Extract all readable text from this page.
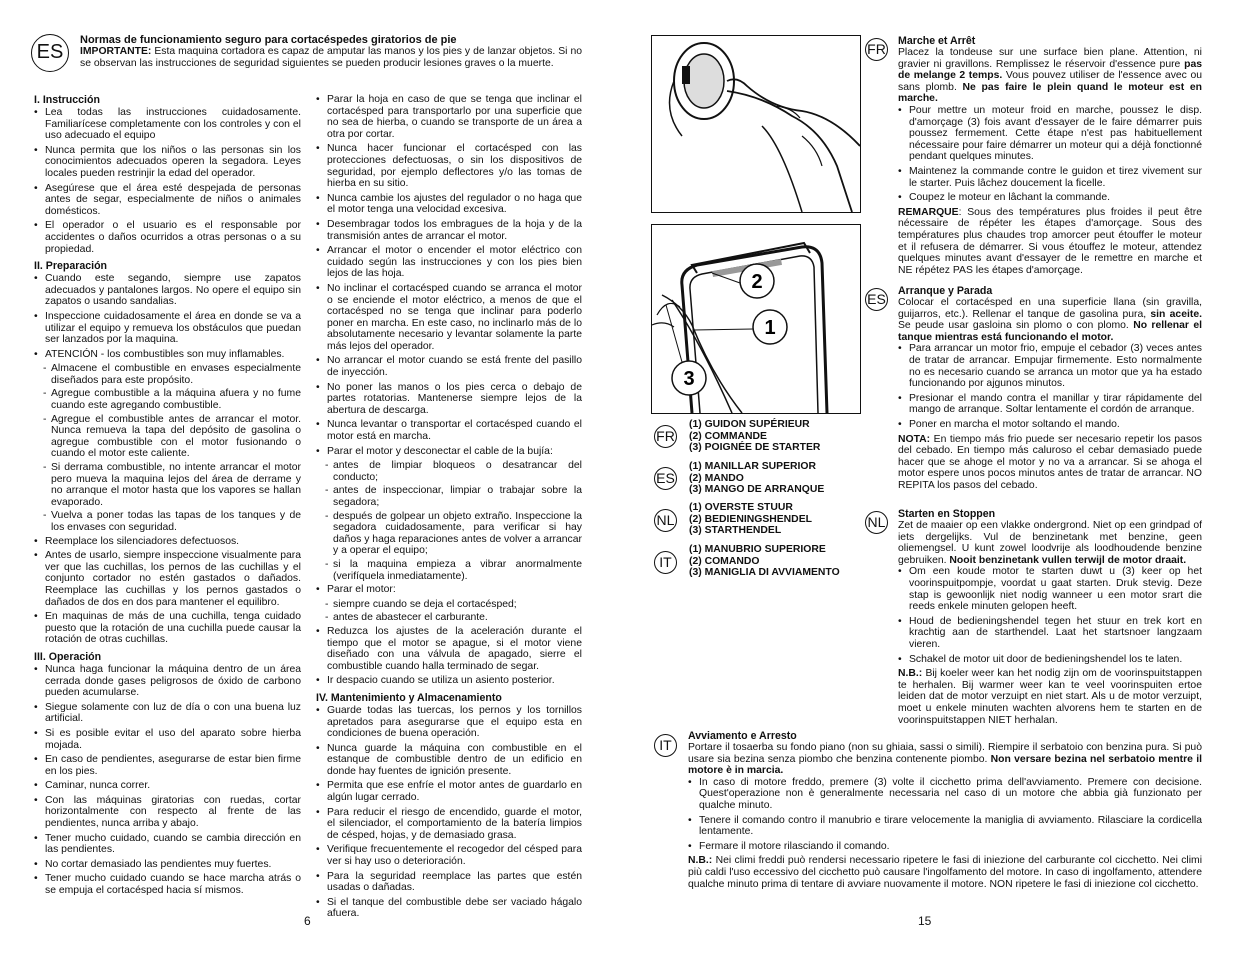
ES
Normas de funcionamiento seguro para cortacéspedes giratorios de pie

IMPORTANTE: Esta maquina cortadora es capaz de amputar las manos y los pies y de lanzar objetos. Si no se observan las instrucciones de seguridad siguientes se pueden producir lesiones graves o la muerte.

I. Instrucción
• Lea todas las instrucciones cuidadosamente. Familiarícese completamente con los controles y con el uso adecuado el equipo
• Nunca permita que los niños o las personas sin los conocimientos adecuados operen la segadora. Leyes locales pueden restrinjir la edad del operador.
• Asegúrese que el área esté despejada de personas antes de segar, especialmente de niños o animales domésticos.
• El operador o el usuario es el responsable por accidentes o daños ocurridos a otras personas o a su propiedad.
II. Preparación
• Cuando este segando, siempre use zapatos adecuados y pantalones largos. No opere el equipo sin zapatos o usando sandalias.
• Inspeccione cuidadosamente el área en donde se va a utilizar el equipo y remueva los obstáculos que puedan ser lanzados por la maquina.
• ATENCIÓN - los combustibles son muy inflamables.
- Almacene el combustible en envases especialmente diseñados para este propósito.
- Agregue combustible a la máquina afuera y no fume cuando este agregando combustible.
- Agregue el combustible antes de arrancar el motor. Nunca remueva la tapa del depósito de gasolina o agregue combustible con el motor fusionando o cuando el motor este caliente.
- Si derrama combustible, no intente arrancar el motor pero mueva la maquina lejos del área de derrame y no arranque el motor hasta que los vapores se hallan evaporado.
- Vuelva a poner todas las tapas de los tanques y de los envases con seguridad.
• Reemplace los silenciadores defectuosos.
• Antes de usarlo, siempre inspeccione visualmente para ver que las cuchillas, los pernos de las cuchillas y el conjunto cortador no estén gastados o dañados. Reemplace las cuchillas y los pernos gastados o dañados de dos en dos para mantener el equilibro.
• En maquinas de más de una cuchilla, tenga cuidado puesto que la rotación de una cuchilla puede causar la rotación de otras cuchillas.
III. Operación
• Nunca haga funcionar la máquina dentro de un área cerrada donde gases peligrosos de óxido de carbono pueden acumularse.
• Siegue solamente con luz de día o con una buena luz artificial.
• Si es posible evitar el uso del aparato sobre hierba mojada.
• En caso de pendientes, asegurarse de estar bien firme en los pies.
• Caminar, nunca correr.
• Con las máquinas giratorias con ruedas, cortar horizontalmente con respecto al frente de las pendientes, nunca arriba y abajo.
• Tener mucho cuidado, cuando se cambia dirección en las pendientes.
• No cortar demasiado las pendientes muy fuertes.
• Tener mucho cuidado cuando se hace marcha atrás o se empuja el cortacésped hacia sí mismos.
• Parar la hoja en caso de que se tenga que inclinar el cortacésped para transportarlo por una superficie que no sea de hierba, o cuando se transporte de un área a otra por cortar.
• Nunca hacer funcionar el cortacésped con las protecciones defectuosas, o sin los dispositivos de seguridad, por ejemplo deflectores y/o las tomas de hierba en su sitio.
• Nunca cambie los ajustes del regulador o no haga que el motor tenga una velocidad excesiva.
• Desembragar todos los embragues de la hoja y de la transmisión antes de arrancar el motor.
• Arrancar el motor o encender el motor eléctrico con cuidado según las instrucciones y con los pies bien lejos de las hoja.
• No inclinar el cortacésped cuando se arranca el motor o se enciende el motor eléctrico, a menos de que el cortacésped no se tenga que inclinar para poderlo poner en marcha. En este caso, no inclinarlo más de lo absolutamente necesario y levantar solamente la parte más lejos del operador.
• No arrancar el motor cuando se está frente del pasillo de inyección.
• No poner las manos o los pies cerca o debajo de partes rotatorias. Mantenerse siempre lejos de la abertura de descarga.
• Nunca levantar o transportar el cortacésped cuando el motor está en marcha.
• Parar el motor y desconectar el cable de la bujía:
- antes de limpiar bloqueos o desatrancar del conducto;
- antes de inspeccionar, limpiar o trabajar sobre la segadora;
- después de golpear un objeto extraño. Inspeccione la segadora cuidadosamente, para verificar si hay daños y haga reparaciones antes de volver a arrancar y a operar el equipo;
- si la maquina empieza a vibrar anormalmente (verifíquela inmediatamente).
• Parar el motor:
- siempre cuando se deja el cortacésped;
- antes de abastecer el carburante.
• Reduzca los ajustes de la aceleración durante el tiempo que el motor se apague, si el motor viene diseñado con una válvula de apagado, sierre el combustible cuando halla terminado de segar.
• Ir despacio cuando se utiliza un asiento posterior.
IV. Mantenimiento y Almacenamiento
• Guarde todas las tuercas, los pernos y los tornillos apretados para asegurarse que el equipo esta en condiciones de buena operación.
• Nunca guarde la máquina con combustible en el estanque de combustible dentro de un edificio en donde hay fuentes de ignición presente.
• Permita que ese enfríe el motor antes de guardarlo en algún lugar cerrado.
• Para reducir el riesgo de encendido, guarde el motor, el silenciador, el comportamiento de la batería limpios de césped, hojas, y de demasiado grasa.
• Verifique frecuentemente el recogedor del césped para ver si hay uso o deterioración.
• Para la seguridad reemplace las partes que estén usadas o dañadas.
• Si el tanque del combustible debe ser vaciado hágalo afuera.
6
2
1
3
FR
(1) GUIDON SUPÉRIEUR
(2) COMMANDE
(3) POIGNÉE DE STARTER
ES
(1) MANILLAR SUPERIOR
(2) MANDO
(3) MANGO DE ARRANQUE
NL
(1) OVERSTE STUUR
(2) BEDIENINGSHENDEL
(3) STARTHENDEL
IT
(1) MANUBRIO SUPERIORE
(2) COMANDO
(3) MANIGLIA DI AVVIAMENTO
FR Marche et Arrêt

Placez la tondeuse sur une surface bien plane. Attention, ni gravier ni gravillons. Remplissez le réservoir d'essence pure pas de melange 2 temps. Vous pouvez utiliser de l'essence avec ou sans plomb. Ne pas faire le plein quand le moteur est en marche.

• Pour mettre un moteur froid en marche, poussez le disp. d'amorçage (3) fois avant d'essayer de le faire démarrer puis poussez fermement. Cette étape n'est pas habituellement nécessaire pour faire démarrer un moteur qui a déjà fonctionné pendant quelques minutes.
• Maintenez la commande contre le guidon et tirez vivement sur le starter. Puis lâchez doucement la ficelle.
• Coupez le moteur en lâchant la commande.

REMARQUE: Sous des températures plus froides il peut être nécessaire de répéter les étapes d'amorçage. Sous des températures plus chaudes trop amorcer peut étouffer le moteur et il refusera de démarrer. Si vous étouffez le moteur, attendez quelques minutes avant d'essayer de le remettre en marche et NE répétez PAS les étapes d'amorçage.

ES Arranque y Parada

Colocar el cortacésped en una superficie llana (sin gravilla, guijarros, etc.). Rellenar el tanque de gasolina pura, sin aceite. Se peude usar gasloina sin plomo o con plomo. No rellenar el tanque mientras está funcionando el motor.

• Para arrancar un motor frio, empuje el cebador (3) veces antes de tratar de arrancar. Empujar firmemente. Esto normalmente no es necesario cuando se arranca un motor que ya ha estado funcionando por ajgunos minutos.
• Presionar el mando contra el manillar y tirar rápidamente del mango de arranque. Soltar lentamente el cordón de arranque.
• Poner en marcha el motor soltando el mando.

NOTA: En tiempo más frio puede ser necesario repetir los pasos del cebado. En tiempo más caluroso el cebar demasiado puede hacer que se ahoge el motor y no va a arrancar. Si se ahoga el motor espere unos pocos minutos antes de tratar de arrancar. NO REPITA los pasos del cebado.

NL Starten en Stoppen

Zet de maaier op een vlakke ondergrond. Niet op een grindpad of iets dergelijks. Vul de benzinetank met benzine, geen oliemengsel. U kunt zowel loodvrije als loodhoudende benzine gebruiken. Nooit benzinetank vullen terwijl de motor draait.

• Om een koude motor te starten duwt u (3) keer op het voorinspuitpompje, voordat u gaat starten. Druk stevig. Deze stap is gewoonlijk niet nodig wanneer u een motor srart die reeds enkele minuten gelopen heeft.
• Houd de bedieningshendel tegen het stuur en trek kort en krachtig aan de starthendel. Laat het startsnoer langzaam vieren.
• Schakel de motor uit door de bedieningshendel los te laten.

N.B.: Bij koeler weer kan het nodig zijn om de voorinspuitstappen te herhalen. Bij warmer weer kan te veel voorinspuiten ertoe leiden dat de motor verzuipt en niet start. Als u de motor verzuipt, moet u enkele minuten wachten alvorens hem te starten en de voorinspuitstappen NIET herhalan.

IT
Avviamento e Arresto

Portare il tosaerba su fondo piano (non su ghiaia, sassi o simili). Riempire il serbatoio con benzina pura. Si può usare sia bezina senza piombo che benzina contenente piombo. Non versare bezina nel serbatoio mentre il motore è in marcia.

• In caso di motore freddo, premere (3) volte il cicchetto prima dell'avviamento. Premere con decisione. Quest'operazione non è generalmente necessaria nel caso di un motore che abbia già funzionato per qualche minuto.
• Tenere il comando contro il manubrio e tirare velocemente la maniglia di avviamento. Rilasciare la cordicella lentamente.
• Fermare il motore rilasciando il comando.

N.B.: Nei climi freddi può rendersi necessario ripetere le fasi di iniezione del carburante col cicchetto. Nei climi più caldi l'uso eccessivo del cicchetto può causare l'ingolfamento del motore. In caso di ingolfamento, attendere qualche minuto prima di tentare di avviare nuovamente il motore. NON ripetere le fasi di iniezione col cicchetto.

15
